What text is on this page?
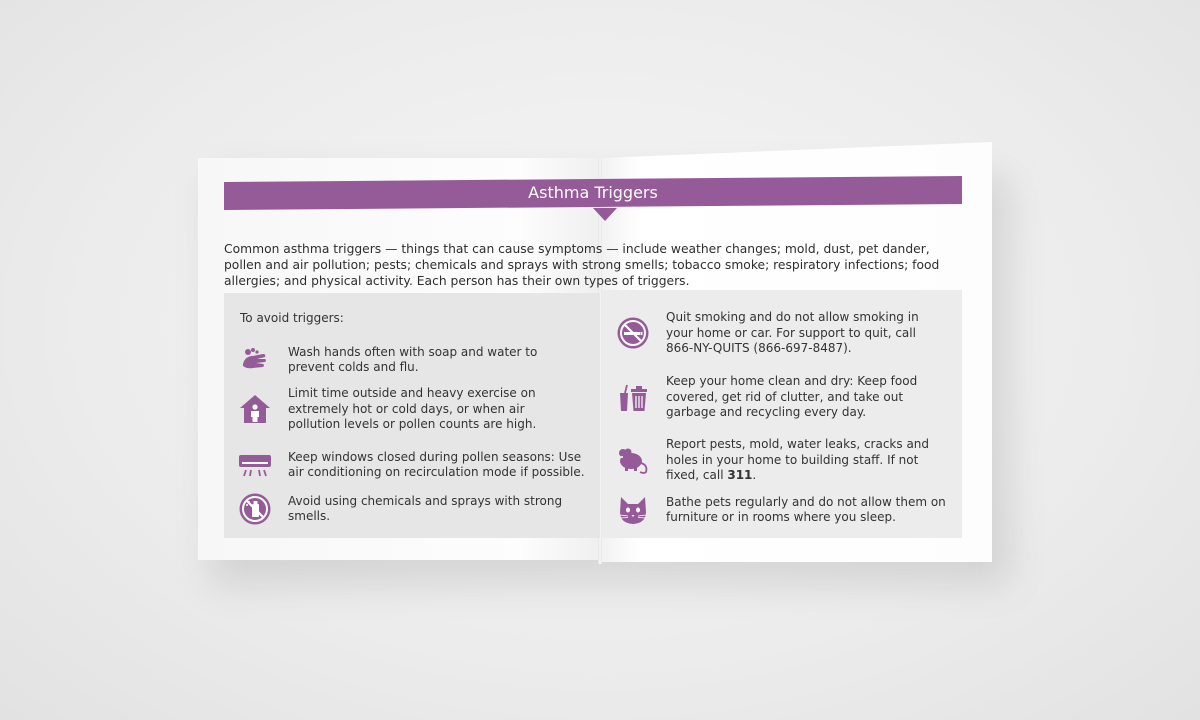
Asthma Triggers
Common asthma triggers — things that can cause symptoms — include weather changes; mold, dust, pet dander, pollen and air pollution; pests; chemicals and sprays with strong smells; tobacco smoke; respiratory infections; food allergies; and physical activity. Each person has their own types of triggers.
To avoid triggers:
Wash hands often with soap and water to prevent colds and flu.
Limit time outside and heavy exercise on extremely hot or cold days, or when air pollution levels or pollen counts are high.
Keep windows closed during pollen seasons: Use air conditioning on recirculation mode if possible.
Avoid using chemicals and sprays with strong smells.
Quit smoking and do not allow smoking in your home or car. For support to quit, call 866-NY-QUITS (866-697-8487).
Keep your home clean and dry: Keep food covered, get rid of clutter, and take out garbage and recycling every day.
Report pests, mold, water leaks, cracks and holes in your home to building staff. If not fixed, call 311.
Bathe pets regularly and do not allow them on furniture or in rooms where you sleep.
